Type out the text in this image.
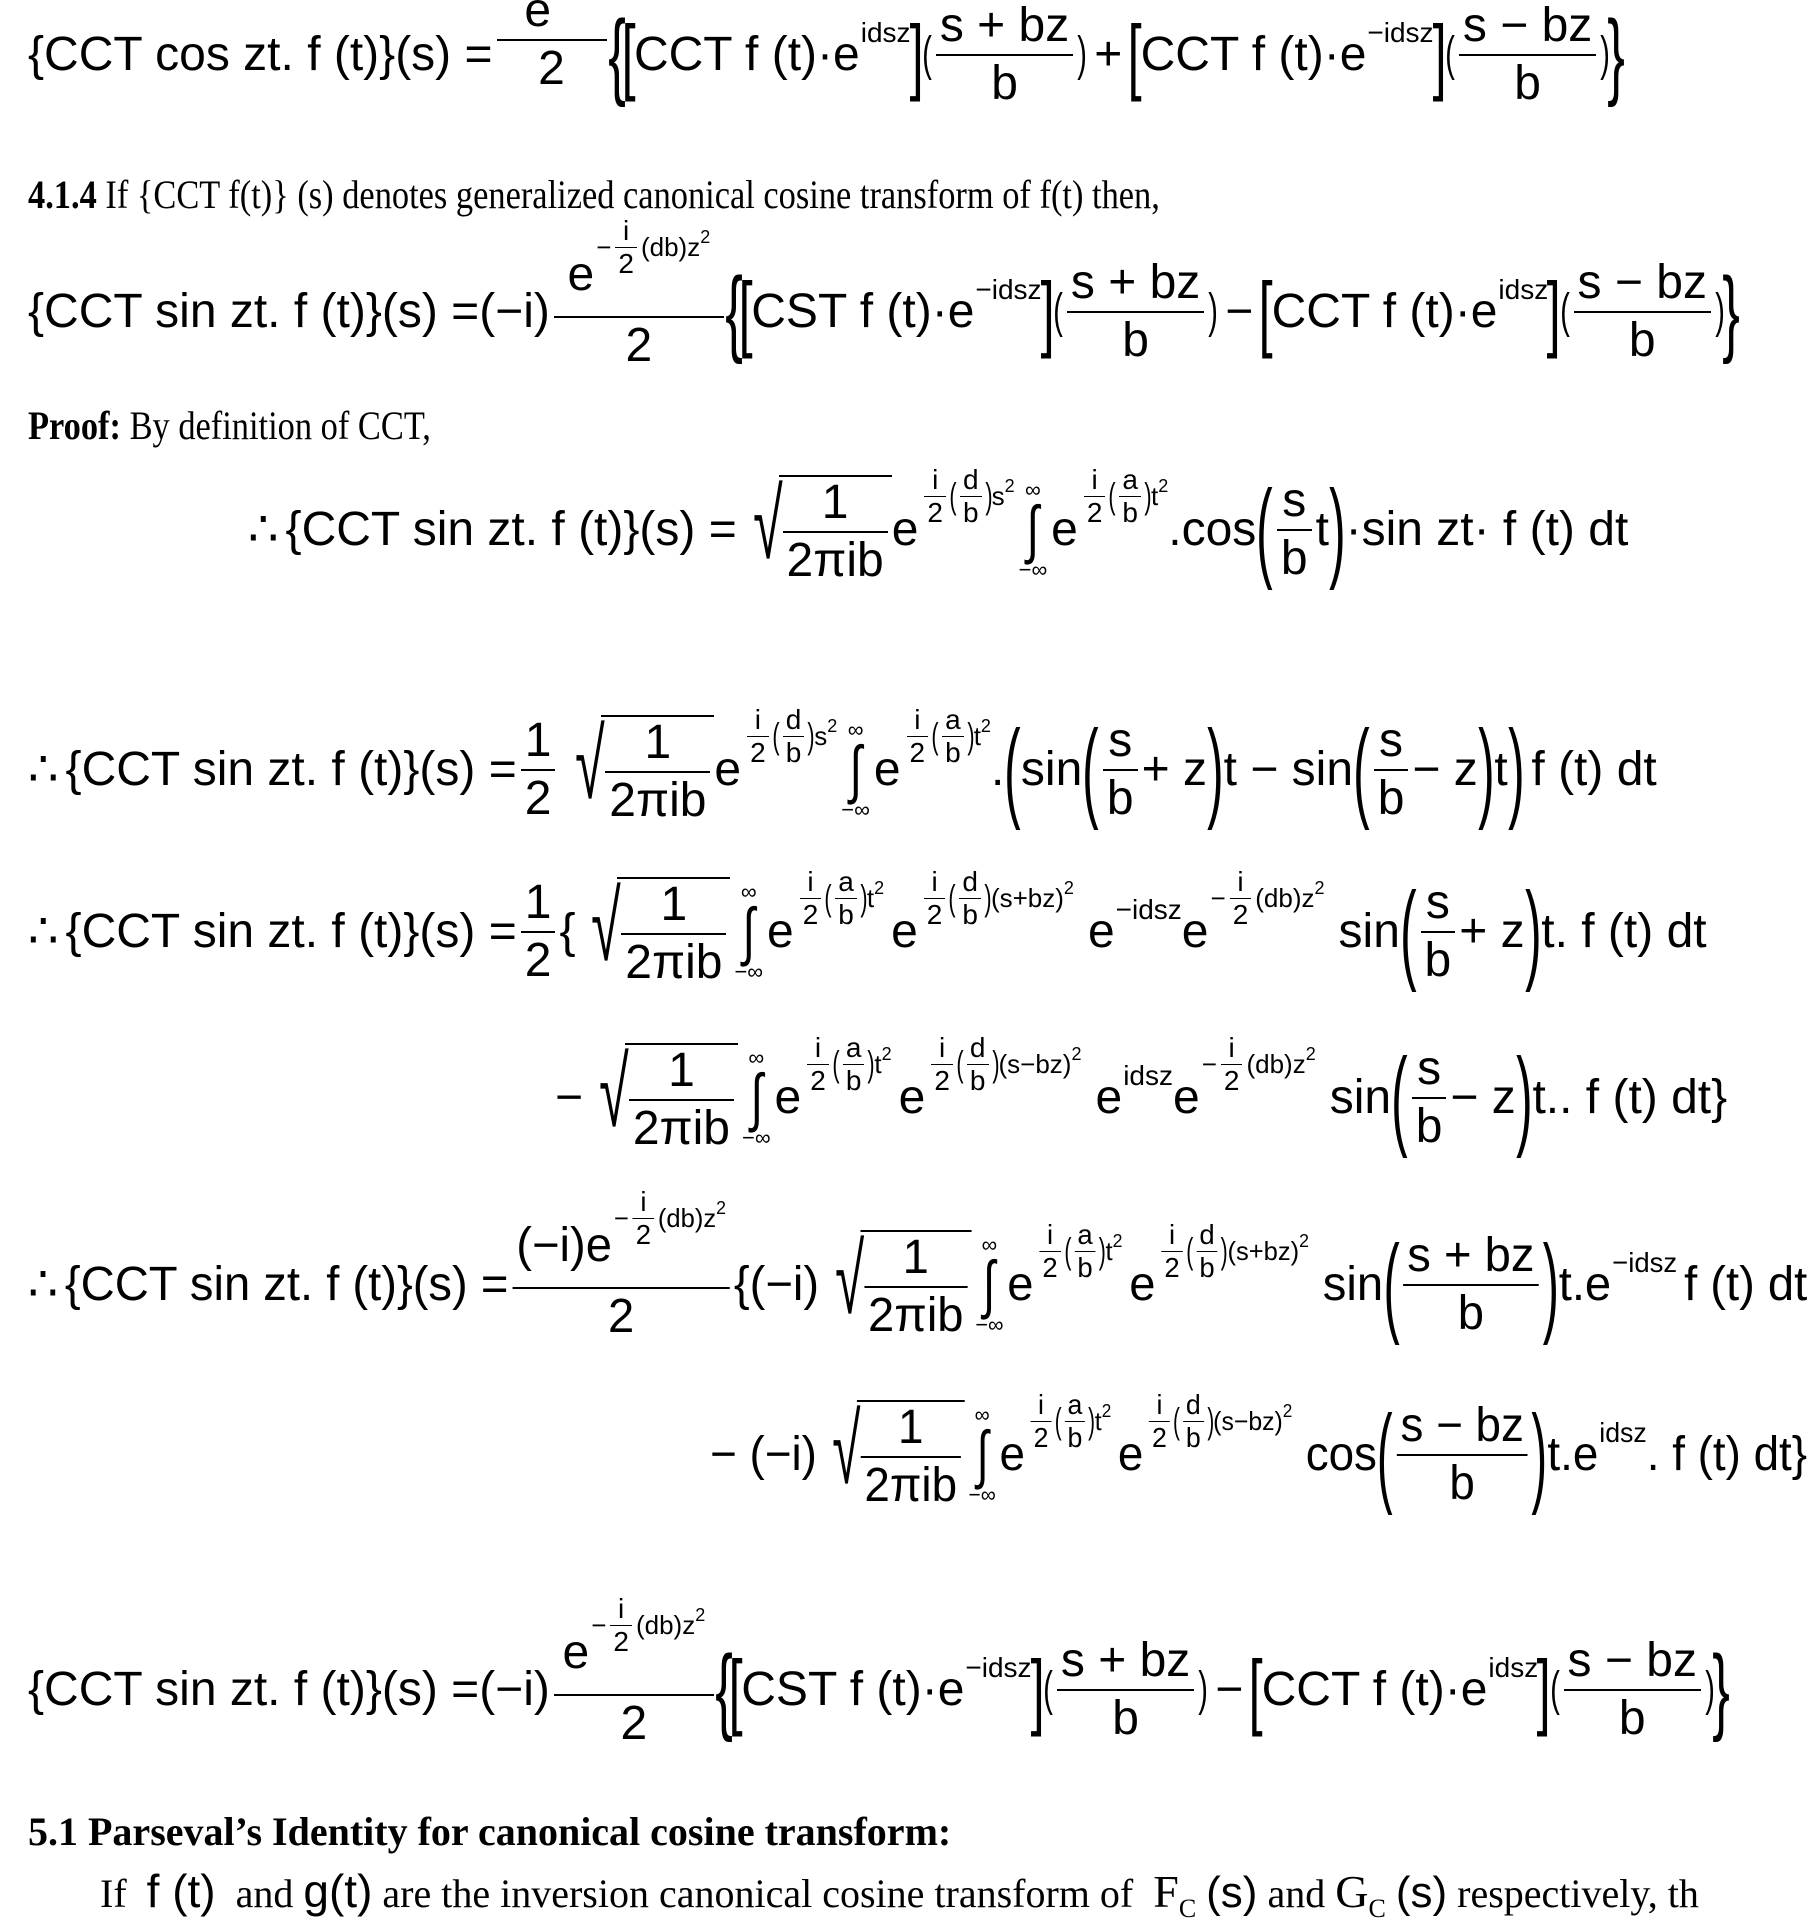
{CCT cos zt. f $(t)\}(s) = \frac{e}{2}$ {
[
CCT f (t)·e idsz
]
( $\frac{s + bz}{b}$ ) + [
CCT f (t)·e −idsz
]
( $\frac{s - bz}{b}$ )
}
4.1.4 If {CCT f(t)} (s) denotes generalized canonical cosine transform of f(t) then,
{CCT sin zt. f (t)}(s) =(−i) e
− $\frac{i}{2} (db)z$ 2
2 {
[
CST f (t)·e −idsz
]
( $\frac{s + bz}{b}$ ) − [
CCT f (t)·e idsz
]
( $\frac{s - bz}{b}$ )
}
Proof: By definition of CCT,
∴ {CCT sin zt. f (t)}(s) = √ $\frac{1}{\text{2πib}}$ e
$\frac{i}{2}$ ( $\frac{d}{b}$ ) s 2 ∞
∫
−∞
e
$\frac{i}{2}$ ( $\frac{a}{b}$ ) t 2
.cos ( $\frac{s}{b}$ t ) ·sin zt· f (t) dt
∴ {CCT sin zt. f $(t)\}(s) = \frac{1}{2}$ √ $\frac{1}{\text{2πib}}$ e
$\frac{i}{2}$ ( $\frac{d}{b}$ ) s 2 ∞
∫
−∞
e
$\frac{i}{2}$ ( $\frac{a}{b}$ ) t 2
. ( sin ( $\frac{s}{b} + z$ ) t − sin ( $\frac{s}{b} - z$ ) t ) f (t) dt
∴ {CCT sin zt. f $(t)\}(s) = \frac{1}{2}$ { √ $\frac{1}{\text{2πib}}$ ∞
∫
−∞
e
$\frac{i}{2}$ ( $\frac{a}{b}$ ) t 2
e
$\frac{i}{2}$ ( $\frac{d}{b}$ ) (s+bz) 2
e −idsz e
− $\frac{i}{2} (db)z$ 2
sin ( $\frac{s}{b} + z$ ) t. f (t) dt
− √ $\frac{1}{\text{2πib}}$ ∞
∫
−∞
e
$\frac{i}{2}$ ( $\frac{a}{b}$ ) t 2
e
$\frac{i}{2}$ ( $\frac{d}{b}$ ) (s−bz) 2
e idsz e
− $\frac{i}{2} (db)z$ 2
sin ( $\frac{s}{b} - z$ ) t.. f (t) dt}
∴ {CCT sin zt. f (t)}(s) = (−i)e
− $\frac{i}{2} (db)z$ 2
2 {(−i) √ $\frac{1}{\text{2πib}}$ ∞
∫
−∞
e
$\frac{i}{2}$ ( $\frac{a}{b}$ ) t 2
e
$\frac{i}{2}$ ( $\frac{d}{b}$ ) (s+bz) 2
sin ( $\frac{s + bz}{b}$ ) t.e −idsz f (t) dt
− (−i) √ $\frac{1}{\text{2πib}}$ ∞
∫
−∞
e
$\frac{i}{2}$ ( $\frac{a}{b}$ ) t 2
e
$\frac{i}{2}$ ( $\frac{d}{b}$ ) (s−bz) 2
cos ( $\frac{s - bz}{b}$ ) t.e idsz . f (t) dt}
{CCT sin zt. f (t)}(s) =(−i) e
− $\frac{i}{2} (db)z$ 2
2 {
[
CST f (t)·e −idsz
]
( $\frac{s + bz}{b}$ ) − [
CCT f (t)·e idsz
]
( $\frac{s - bz}{b}$ )
}
5.1 Parseval’s Identity for canonical cosine transform:
If f (t) and g(t) are the inversion canonical cosine transform of $F_C$ (s) and $G_C$ (s) respectively, th
